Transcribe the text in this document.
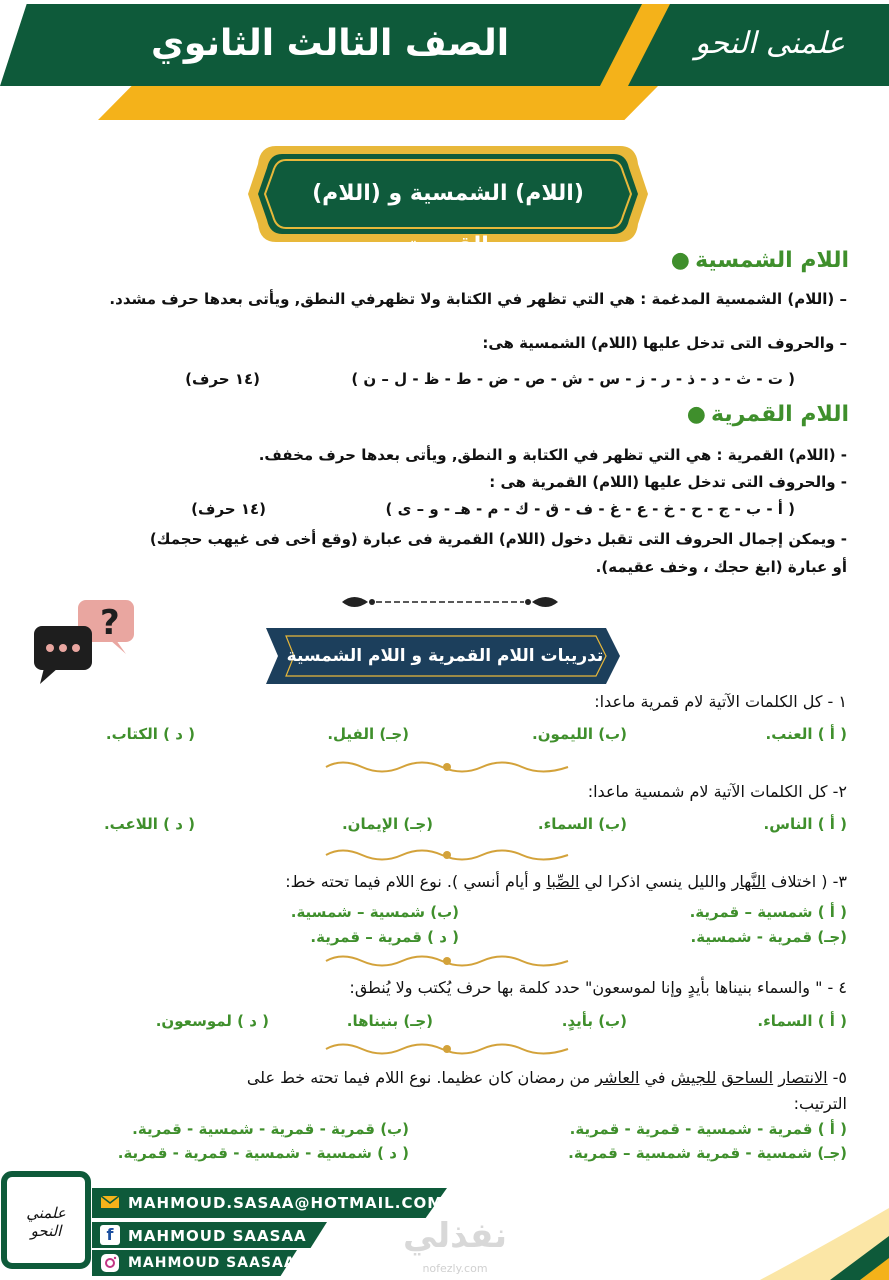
الصف الثالث الثانوي	علمنى النحو
(اللام) الشمسية و (اللام) القمرية
اللام الشمسية ●
– (اللام) الشمسية المدغمة : هي التي تظهر في الكتابة ولا تظهرفي النطق, ويأتى بعدها حرف مشدد.
– والحروف التى تدخل عليها (اللام) الشمسية هى:
( ت - ث - د - ذ - ر - ز - س - ش - ص - ض - ط - ظ - ل – ن )
(١٤ حرف)
اللام القمرية ●
- (اللام) القمرية : هي التي تظهر في الكتابة و النطق, ويأتى بعدها حرف مخفف.
- والحروف التى تدخل عليها (اللام) القمرية هى :
( أ - ب - ج - ح - خ - ع - غ - ف - ق - ك - م - هـ - و – ى )
(١٤ حرف)
- ويمكن إجمال الحروف التى تقبل دخول (اللام) القمرية فى عبارة (وقع أخى فى غيهب حجمك)
أو عبارة (ابغ حجك ، وخف عقيمه).
?
تدريبات اللام القمرية و اللام الشمسية
١ - كل الكلمات الآتية لام قمرية ماعدا:
( أ ) العنب.
(ب) الليمون.
(جـ) الفيل.
( د ) الكتاب.
٢- كل الكلمات الآتية لام شمسية ماعدا:
( أ ) الناس.
(ب) السماء.
(جـ) الإيمان.
( د ) اللاعب.
٣- ( اختلاف النَّهار والليل ينسي اذكرا لي الصِّبا و أيام أنسي ). نوع اللام فيما تحته خط:
( أ ) شمسية – قمرية.
(ب) شمسية – شمسية.
(جـ) قمرية - شمسية.
( د ) قمرية – قمرية.
٤ - " والسماء بنيناها بأيدٍ وإنا لموسعون" حدد كلمة بها حرف يُكتب ولا يُنطق:
( أ ) السماء.
(ب) بأيدٍ.
(جـ) بنيناها.
( د ) لموسعون.
٥- الانتصار الساحق للجيش في العاشر من رمضان كان عظيما. نوع اللام فيما تحته خط على
الترتيب:
( أ ) قمرية - شمسية - قمرية - قمرية.
(ب) قمرية - قمرية - شمسية - قمرية.
(جـ) شمسية - قمرية شمسية – قمرية.
( د ) شمسية - شمسية - قمرية - قمرية.
علمني النحو
MAHMOUD.SASAA@HOTMAIL.COM
f MAHMOUD SAASAA
MAHMOUD SAASAA
نفذلي
nofezly.com
